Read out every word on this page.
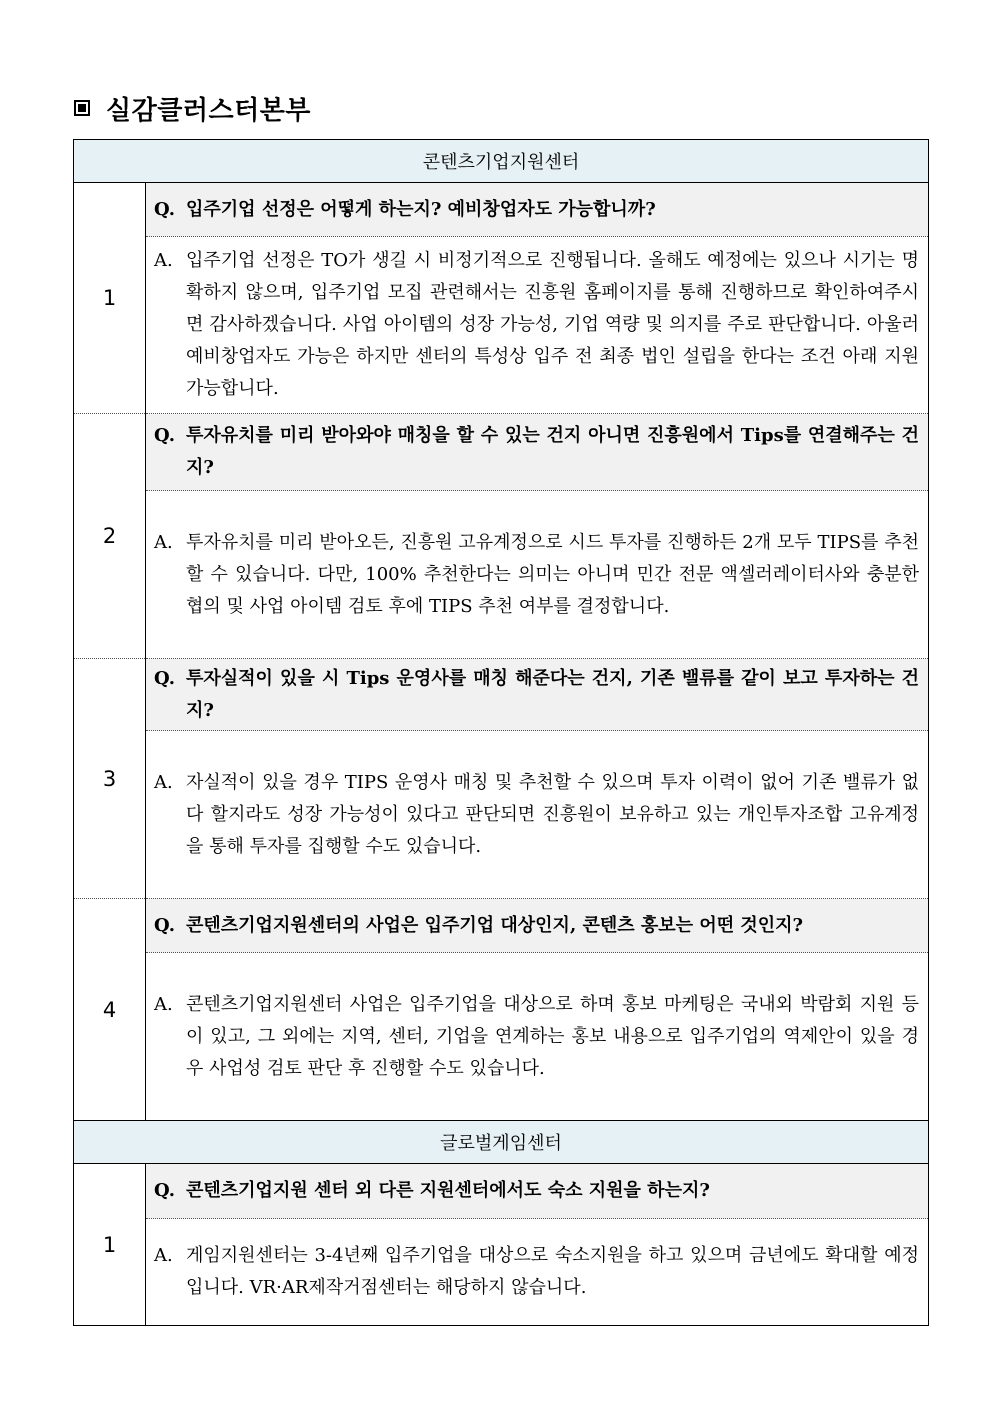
실감클러스터본부
콘텐츠기업지원센터	
1	Q. 입주기업 선정은 어떻게 하는지? 예비창업자도 가능합니까?

	A. 입주기업 선정은 TO가 생길 시 비정기적으로 진행됩니다. 올해도 예정에는 있으나 시기는 명확하지 않으며, 입주기업 모집 관련해서는 진흥원 홈페이지를 통해 진행하므로 확인하여주시면 감사하겠습니다. 사업 아이템의 성장 가능성, 기업 역량 및 의지를 주로 판단합니다. 아울러 예비창업자도 가능은 하지만 센터의 특성상 입주 전 최종 법인 설립을 한다는 조건 아래 지원 가능합니다.

2	Q. 투자유치를 미리 받아와야 매칭을 할 수 있는 건지 아니면 진흥원에서 Tips를 연결해주는 건지?

	A. 투자유치를 미리 받아오든, 진흥원 고유계정으로 시드 투자를 진행하든 2개 모두 TIPS를 추천할 수 있습니다. 다만, 100% 추천한다는 의미는 아니며 민간 전문 액셀러레이터사와 충분한 협의 및 사업 아이템 검토 후에 TIPS 추천 여부를 결정합니다.

3	Q. 투자실적이 있을 시 Tips 운영사를 매칭 해준다는 건지, 기존 밸류를 같이 보고 투자하는 건지?

	A. 자실적이 있을 경우 TIPS 운영사 매칭 및 추천할 수 있으며 투자 이력이 없어 기존 밸류가 없다 할지라도 성장 가능성이 있다고 판단되면 진흥원이 보유하고 있는 개인투자조합 고유계정을 통해 투자를 집행할 수도 있습니다.

4	Q. 콘텐츠기업지원센터의 사업은 입주기업 대상인지, 콘텐츠 홍보는 어떤 것인지?

	A. 콘텐츠기업지원센터 사업은 입주기업을 대상으로 하며 홍보 마케팅은 국내외 박람회 지원 등이 있고, 그 외에는 지역, 센터, 기업을 연계하는 홍보 내용으로 입주기업의 역제안이 있을 경우 사업성 검토 판단 후 진행할 수도 있습니다.

글로벌게임센터	
1	Q. 콘텐츠기업지원 센터 외 다른 지원센터에서도 숙소 지원을 하는지?

	A. 게임지원센터는 3-4년째 입주기업을 대상으로 숙소지원을 하고 있으며 금년에도 확대할 예정입니다. VR·AR제작거점센터는 해당하지 않습니다.
